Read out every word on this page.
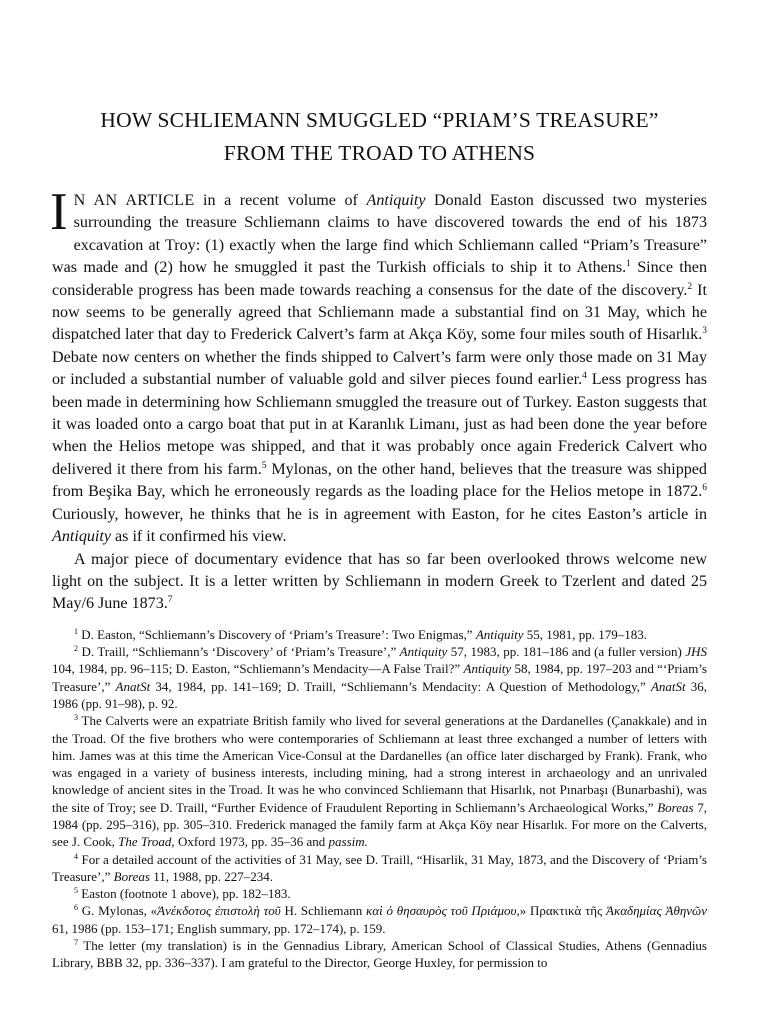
HOW SCHLIEMANN SMUGGLED “PRIAM’S TREASURE”
FROM THE TROAD TO ATHENS

I N AN ARTICLE in a recent volume of Antiquity Donald Easton discussed two mysteries surrounding the treasure Schliemann claims to have discovered towards the end of his 1873 excavation at Troy: (1) exactly when the large find which Schliemann called “Priam’s Treasure” was made and (2) how he smuggled it past the Turkish officials to ship it to Athens.$^1$ Since then considerable progress has been made towards reaching a consensus for the date of the discovery.$^2$ It now seems to be generally agreed that Schliemann made a substantial find on 31 May, which he dispatched later that day to Frederick Calvert’s farm at Akça Köy, some four miles south of Hisarlık.$^3$ Debate now centers on whether the finds shipped to Calvert’s farm were only those made on 31 May or included a substantial number of valuable gold and silver pieces found earlier.$^4$ Less progress has been made in determining how Schliemann smuggled the treasure out of Turkey. Easton suggests that it was loaded onto a cargo boat that put in at Karanlık Limanı, just as had been done the year before when the Helios metope was shipped, and that it was probably once again Frederick Calvert who delivered it there from his farm.$^5$ Mylonas, on the other hand, believes that the treasure was shipped from Beşika Bay, which he erroneously regards as the loading place for the Helios metope in 1872.$^6$ Curiously, however, he thinks that he is in agreement with Easton, for he cites Easton’s article in Antiquity as if it confirmed his view.

A major piece of documentary evidence that has so far been overlooked throws welcome new light on the subject. It is a letter written by Schliemann in modern Greek to Tzerlent and dated 25 May/6 June 1873.$^7$

$^1$ D. Easton, “Schliemann’s Discovery of ‘Priam’s Treasure’: Two Enigmas,” Antiquity 55, 1981, pp. 179–183.

$^2$ D. Traill, “Schliemann’s ‘Discovery’ of ‘Priam’s Treasure’,” Antiquity 57, 1983, pp. 181–186 and (a fuller version) JHS 104, 1984, pp. 96–115; D. Easton, “Schliemann’s Mendacity—A False Trail?” Antiquity 58, 1984, pp. 197–203 and “‘Priam’s Treasure’,” AnatSt 34, 1984, pp. 141–169; D. Traill, “Schliemann’s Mendacity: A Question of Methodology,” AnatSt 36, 1986 (pp. 91–98), p. 92.

$^3$ The Calverts were an expatriate British family who lived for several generations at the Dardanelles (Çanakkale) and in the Troad. Of the five brothers who were contemporaries of Schliemann at least three exchanged a number of letters with him. James was at this time the American Vice-Consul at the Dardanelles (an office later discharged by Frank). Frank, who was engaged in a variety of business interests, including mining, had a strong interest in archaeology and an unrivaled knowledge of ancient sites in the Troad. It was he who convinced Schliemann that Hisarlık, not Pınarbaşı (Bunarbashi), was the site of Troy; see D. Traill, “Further Evidence of Fraudulent Reporting in Schliemann’s Archaeological Works,” Boreas 7, 1984 (pp. 295–316), pp. 305–310. Frederick managed the family farm at Akça Köy near Hisarlık. For more on the Calverts, see J. Cook, The Troad, Oxford 1973, pp. 35–36 and passim.

$^4$ For a detailed account of the activities of 31 May, see D. Traill, “Hisarlik, 31 May, 1873, and the Discovery of ‘Priam’s Treasure’,” Boreas 11, 1988, pp. 227–234.

$^5$ Easton (footnote 1 above), pp. 182–183.

$^6$ G. Mylonas, «Ἀνέκδοτος ἐπιστολὴ τοῦ H. Schliemann καὶ ὁ θησαυρὸς τοῦ Πριάμου,» Πρακτικὰ τῆς Ἀκαδημίας Ἀθηνῶν 61, 1986 (pp. 153–171; English summary, pp. 172–174), p. 159.

$^7$ The letter (my translation) is in the Gennadius Library, American School of Classical Studies, Athens (Gennadius Library, BBB 32, pp. 336–337). I am grateful to the Director, George Huxley, for permission to
